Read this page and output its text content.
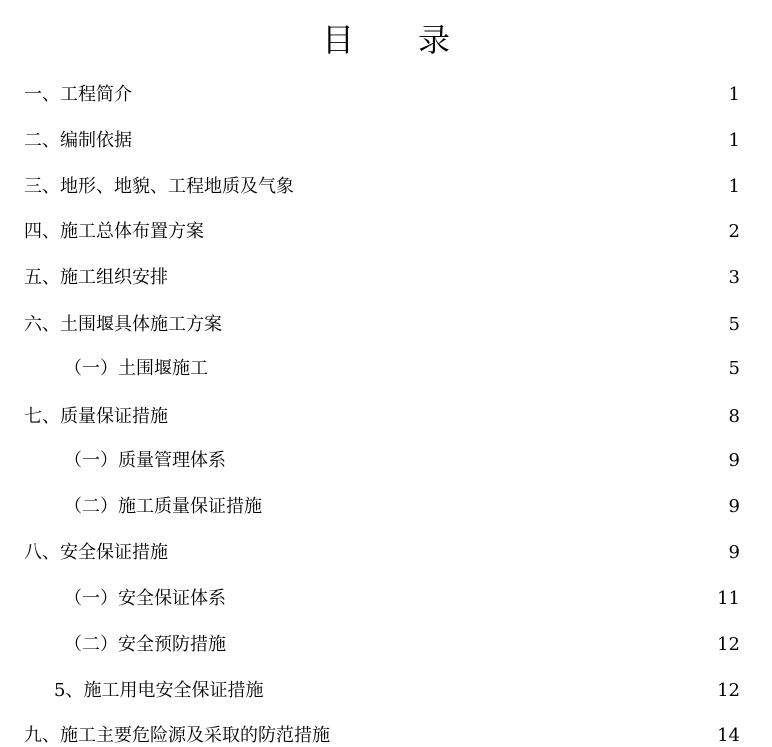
目　　录
一、工程简介	1
二、编制依据	1
三、地形、地貌、工程地质及气象	1
四、施工总体布置方案	2
五、施工组织安排	3
六、土围堰具体施工方案	5
（一）土围堰施工	5
七、质量保证措施	8
（一）质量管理体系	9
（二）施工质量保证措施	9
八、安全保证措施	9
（一）安全保证体系	11
（二）安全预防措施	12
5、施工用电安全保证措施	12
九、施工主要危险源及采取的防范措施	14
